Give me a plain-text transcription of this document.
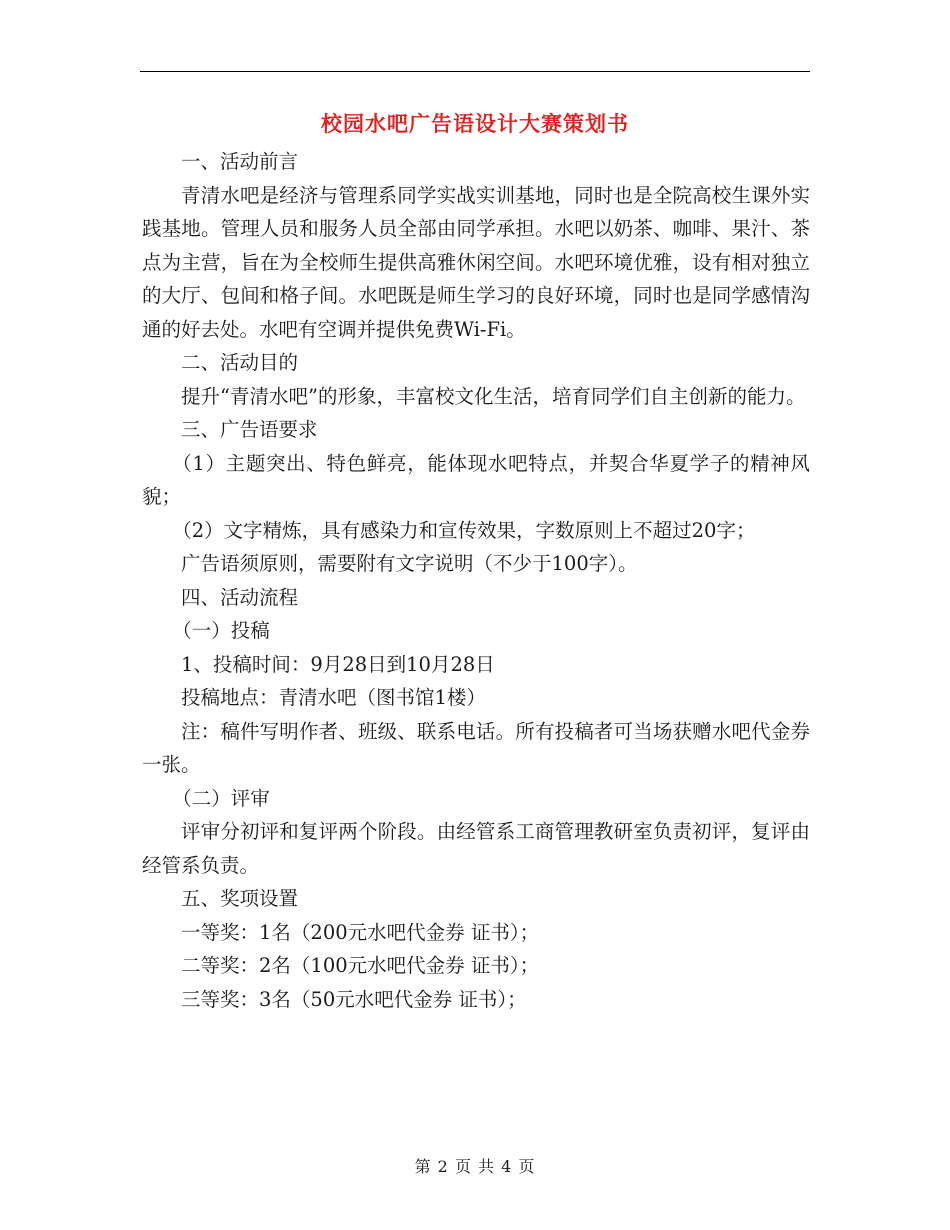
校园水吧广告语设计大赛策划书

一、活动前言

青清水吧是经济与管理系同学实战实训基地，同时也是全院高校生课外实践基地。管理人员和服务人员全部由同学承担。水吧以奶茶、咖啡、果汁、茶点为主营，旨在为全校师生提供高雅休闲空间。水吧环境优雅，设有相对独立的大厅、包间和格子间。水吧既是师生学习的良好环境，同时也是同学感情沟通的好去处。水吧有空调并提供免费Wi-Fi。

二、活动目的

提升“青清水吧”的形象，丰富校文化生活，培育同学们自主创新的能力。

三、广告语要求

（1）主题突出、特色鲜亮，能体现水吧特点，并契合华夏学子的精神风貌；

（2）文字精炼，具有感染力和宣传效果，字数原则上不超过20字；

广告语须原则，需要附有文字说明（不少于100字）。

四、活动流程

（一）投稿

1、投稿时间：9月28日到10月28日

投稿地点：青清水吧（图书馆1楼）

注：稿件写明作者、班级、联系电话。所有投稿者可当场获赠水吧代金券一张。

（二）评审

评审分初评和复评两个阶段。由经管系工商管理教研室负责初评，复评由经管系负责。

五、奖项设置

一等奖：1名（200元水吧代金券 证书）；

二等奖：2名（100元水吧代金券 证书）；

三等奖：3名（50元水吧代金券 证书）；

第 2 页 共 4 页
